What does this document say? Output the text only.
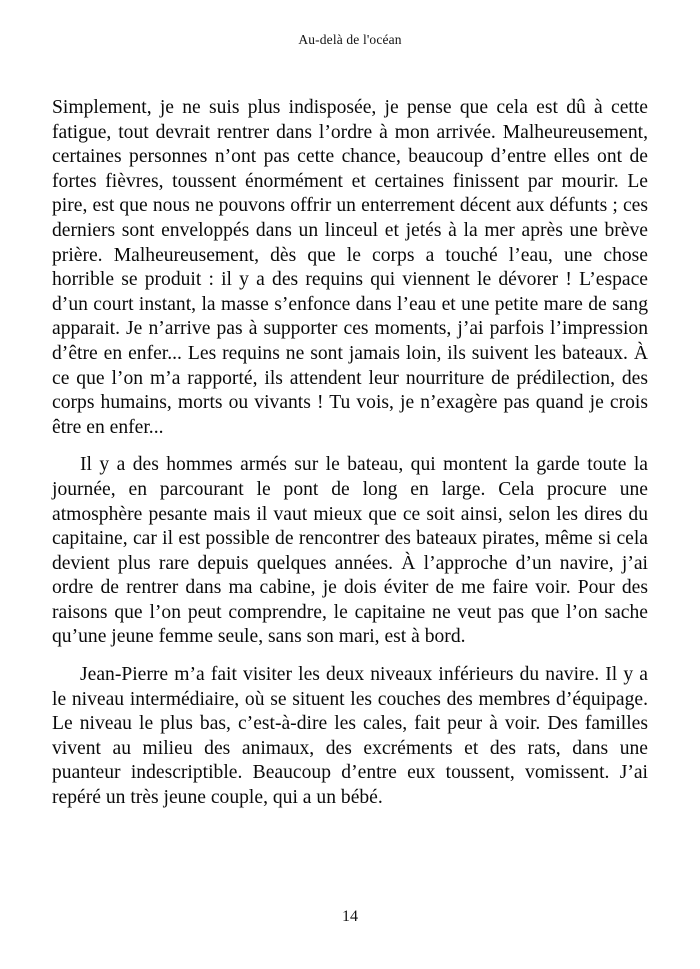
Au-delà de l'océan

Simplement, je ne suis plus indisposée, je pense que cela est dû à cette fatigue, tout devrait rentrer dans l’ordre à mon arrivée. Malheureusement, certaines personnes n’ont pas cette chance, beaucoup d’entre elles ont de fortes fièvres, toussent énormément et certaines finissent par mourir. Le pire, est que nous ne pouvons offrir un enterrement décent aux défunts ; ces derniers sont enveloppés dans un linceul et jetés à la mer après une brève prière. Malheureusement, dès que le corps a touché l’eau, une chose horrible se produit : il y a des requins qui viennent le dévorer ! L’espace d’un court instant, la masse s’enfonce dans l’eau et une petite mare de sang apparait. Je n’arrive pas à supporter ces moments, j’ai parfois l’impression d’être en enfer... Les requins ne sont jamais loin, ils suivent les bateaux. À ce que l’on m’a rapporté, ils attendent leur nourriture de prédilection, des corps humains, morts ou vivants ! Tu vois, je n’exagère pas quand je crois être en enfer...

Il y a des hommes armés sur le bateau, qui montent la garde toute la journée, en parcourant le pont de long en large. Cela procure une atmosphère pesante mais il vaut mieux que ce soit ainsi, selon les dires du capitaine, car il est possible de rencontrer des bateaux pirates, même si cela devient plus rare depuis quelques années. À l’approche d’un navire, j’ai ordre de rentrer dans ma cabine, je dois éviter de me faire voir. Pour des raisons que l’on peut comprendre, le capitaine ne veut pas que l’on sache qu’une jeune femme seule, sans son mari, est à bord.

Jean-Pierre m’a fait visiter les deux niveaux inférieurs du navire. Il y a le niveau intermédiaire, où se situent les couches des membres d’équipage. Le niveau le plus bas, c’est-à-dire les cales, fait peur à voir. Des familles vivent au milieu des animaux, des excréments et des rats, dans une puanteur indescriptible. Beaucoup d’entre eux toussent, vomissent. J’ai repéré un très jeune couple, qui a un bébé.

14
